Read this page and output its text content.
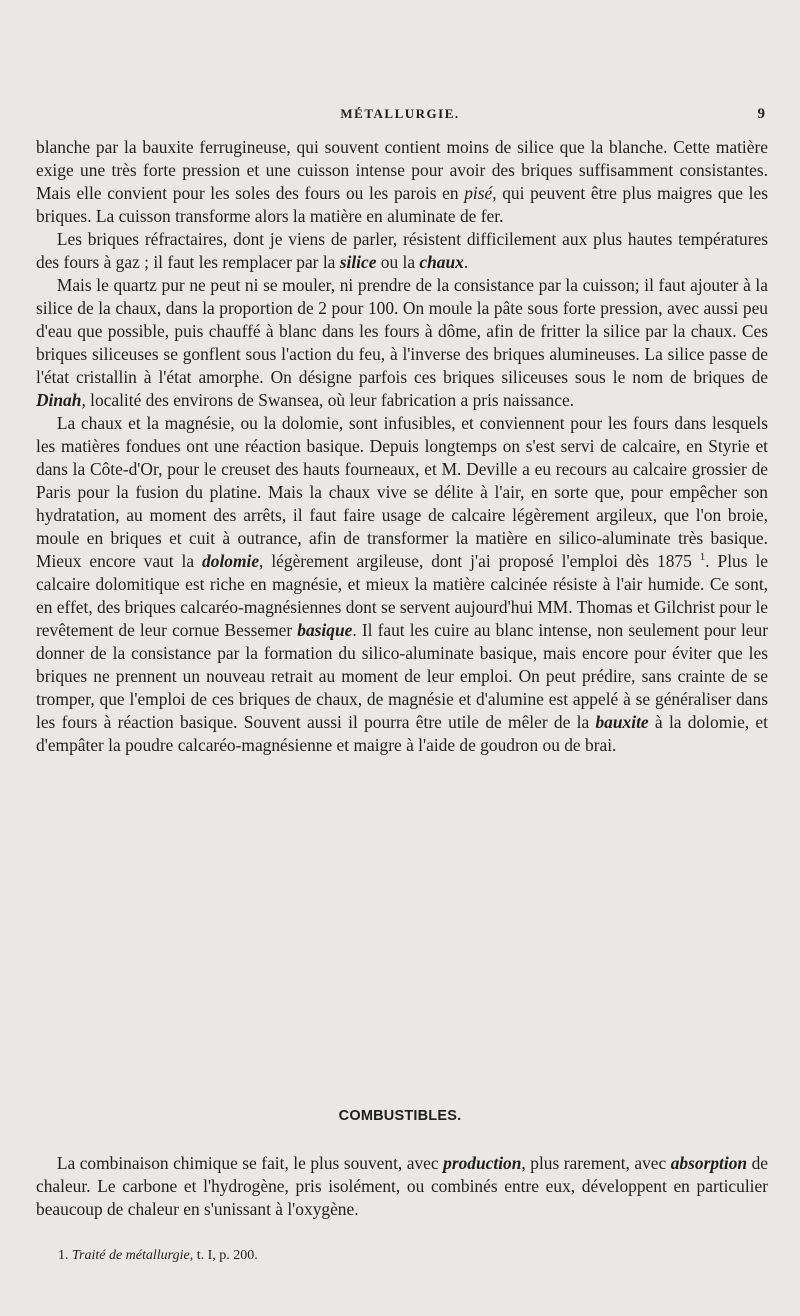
MÉTALLURGIE.	9

blanche par la bauxite ferrugineuse, qui souvent contient moins de silice que la blanche. Cette matière exige une très forte pression et une cuisson intense pour avoir des briques suffisamment consistantes. Mais elle convient pour les soles des fours ou les parois en pisé, qui peuvent être plus maigres que les briques. La cuisson transforme alors la matière en aluminate de fer.

Les briques réfractaires, dont je viens de parler, résistent difficilement aux plus hautes températures des fours à gaz ; il faut les remplacer par la silice ou la chaux.

Mais le quartz pur ne peut ni se mouler, ni prendre de la consistance par la cuisson; il faut ajouter à la silice de la chaux, dans la proportion de 2 pour 100. On moule la pâte sous forte pression, avec aussi peu d'eau que possible, puis chauffé à blanc dans les fours à dôme, afin de fritter la silice par la chaux. Ces briques siliceuses se gonflent sous l'action du feu, à l'inverse des briques alumineuses. La silice passe de l'état cristallin à l'état amorphe. On désigne parfois ces briques siliceuses sous le nom de briques de Dinah, localité des environs de Swansea, où leur fabrication a pris naissance.

La chaux et la magnésie, ou la dolomie, sont infusibles, et conviennent pour les fours dans lesquels les matières fondues ont une réaction basique. Depuis longtemps on s'est servi de calcaire, en Styrie et dans la Côte-d'Or, pour le creuset des hauts fourneaux, et M. Deville a eu recours au calcaire grossier de Paris pour la fusion du platine. Mais la chaux vive se délite à l'air, en sorte que, pour empêcher son hydratation, au moment des arrêts, il faut faire usage de calcaire légèrement argileux, que l'on broie, moule en briques et cuit à outrance, afin de transformer la matière en silico-aluminate très basique. Mieux encore vaut la dolomie, légèrement argileuse, dont j'ai proposé l'emploi dès 1875 $^1$. Plus le calcaire dolomitique est riche en magnésie, et mieux la matière calcinée résiste à l'air humide. Ce sont, en effet, des briques calcaréo-magnésiennes dont se servent aujourd'hui MM. Thomas et Gilchrist pour le revêtement de leur cornue Bessemer basique. Il faut les cuire au blanc intense, non seulement pour leur donner de la consistance par la formation du silico-aluminate basique, mais encore pour éviter que les briques ne prennent un nouveau retrait au moment de leur emploi. On peut prédire, sans crainte de se tromper, que l'emploi de ces briques de chaux, de magnésie et d'alumine est appelé à se généraliser dans les fours à réaction basique. Souvent aussi il pourra être utile de mêler de la bauxite à la dolomie, et d'empâter la poudre calcaréo-magnésienne et maigre à l'aide de goudron ou de brai.

COMBUSTIBLES.

La combinaison chimique se fait, le plus souvent, avec production, plus rarement, avec absorption de chaleur. Le carbone et l'hydrogène, pris isolément, ou combinés entre eux, développent en particulier beaucoup de chaleur en s'unissant à l'oxygène.

1. Traité de métallurgie, t. I, p. 200.
